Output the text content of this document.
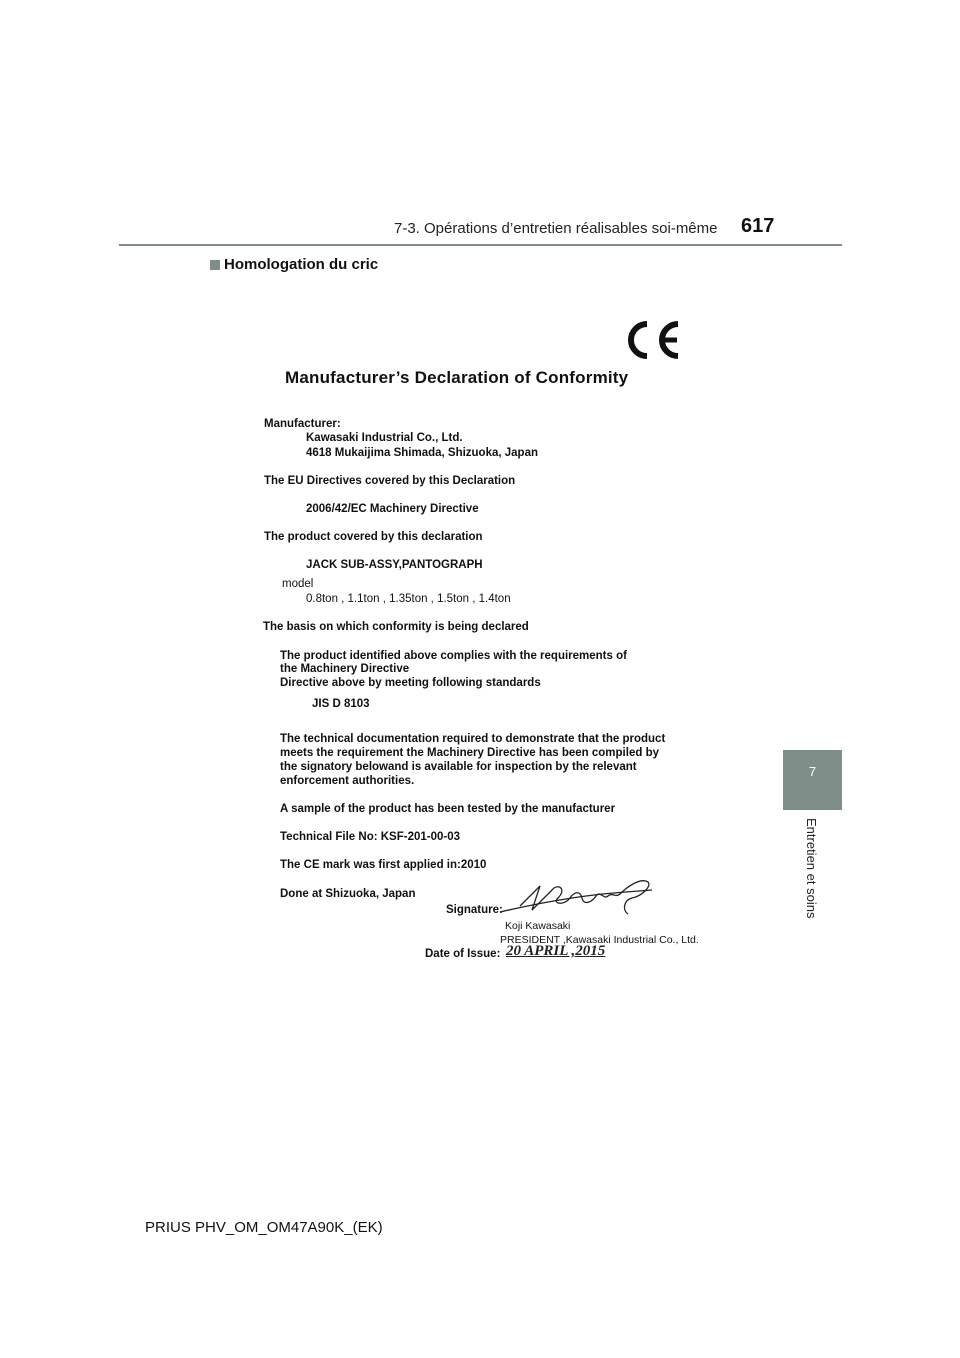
7-3. Opérations d’entretien réalisables soi-même 617
Homologation du cric
7
Entretien et soins
Manufacturer’s Declaration of Conformity
Manufacturer:
Kawasaki Industrial Co., Ltd.
4618 Mukaijima Shimada, Shizuoka, Japan
The EU Directives covered by this Declaration
2006/42/EC Machinery Directive
The product covered by this declaration
JACK SUB-ASSY,PANTOGRAPH
model
0.8ton , 1.1ton , 1.35ton , 1.5ton , 1.4ton
The basis on which conformity is being declared
The product identified above complies with the requirements of
the Machinery Directive
Directive above by meeting following standards
JIS D 8103
The technical documentation required to demonstrate that the product
meets the requirement the Machinery Directive has been compiled by
the signatory belowand is available for inspection by the relevant
enforcement authorities.
A sample of the product has been tested by the manufacturer
Technical File No: KSF-201-00-03
The CE mark was first applied in:2010
Done at Shizuoka, Japan
Signature:
Koji Kawasaki
PRESIDENT ,Kawasaki Industrial Co., Ltd.
Date of Issue: 20 APRIL ,2015
PRIUS PHV_OM_OM47A90K_(EK)
